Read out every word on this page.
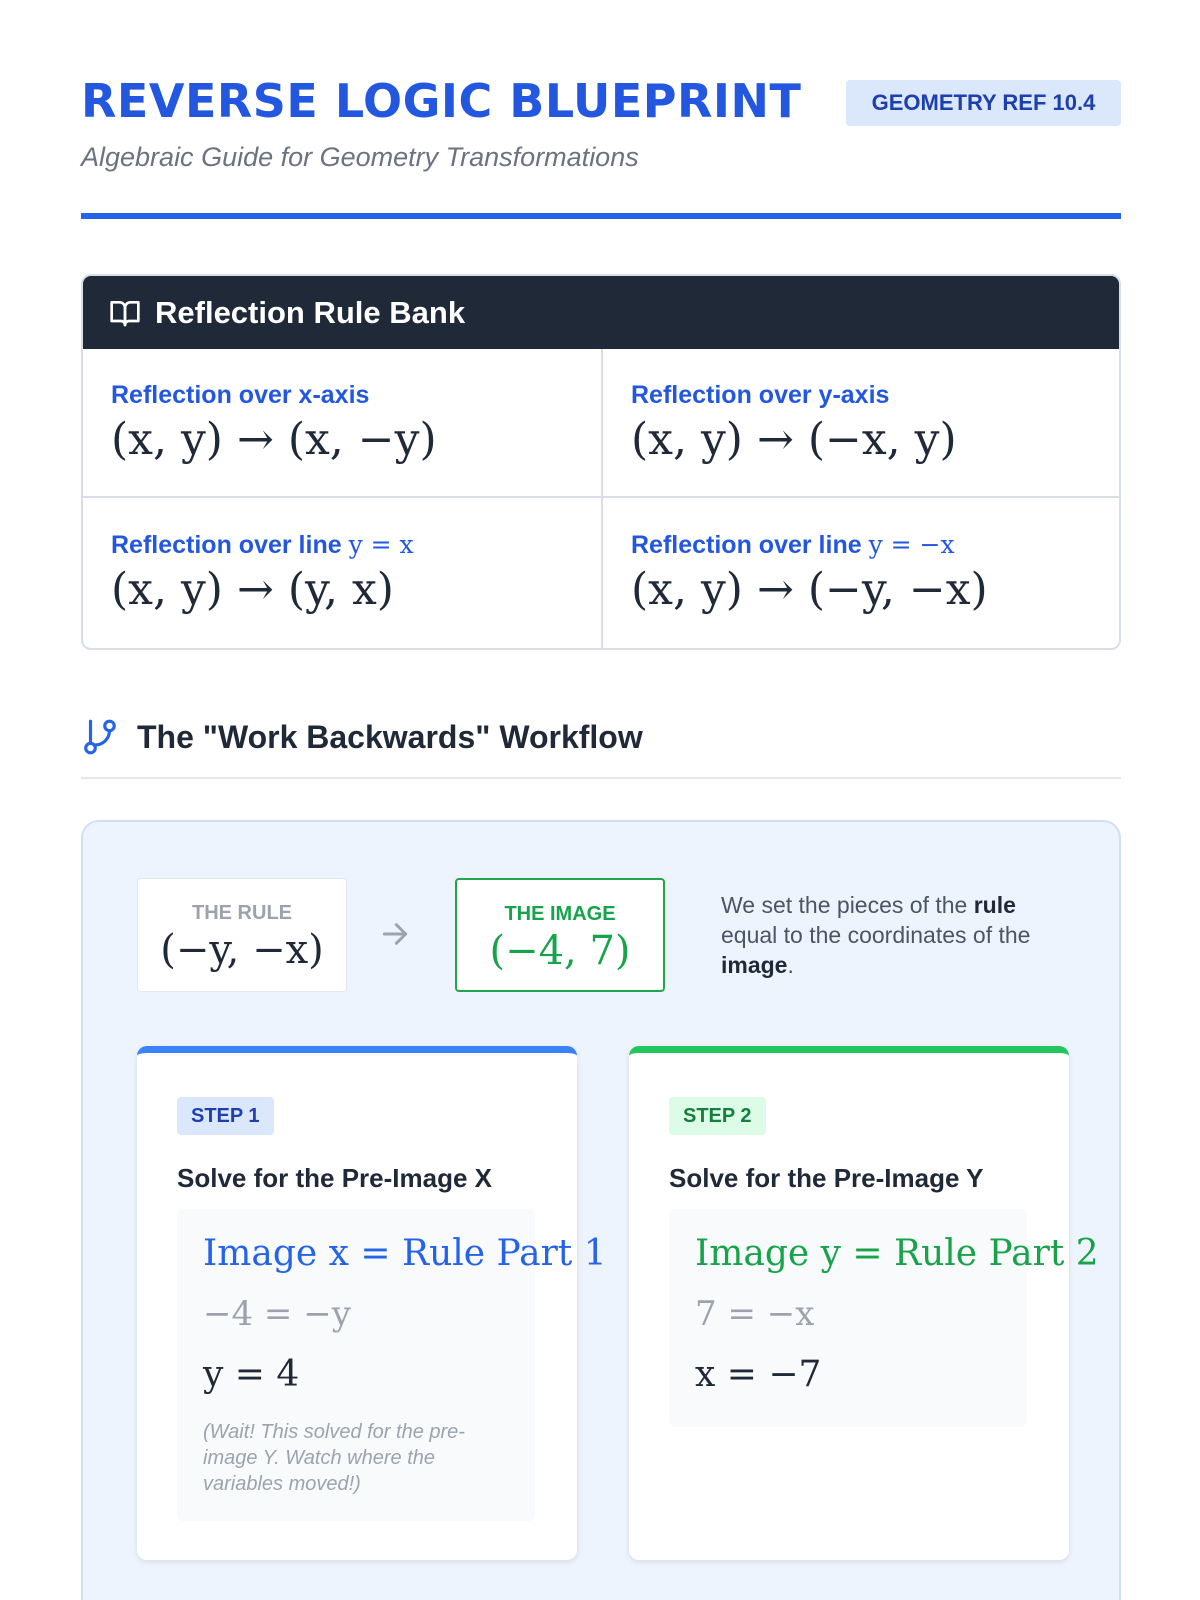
REVERSE LOGIC BLUEPRINT	GEOMETRY REF 10.4
Algebraic Guide for Geometry Transformations
Reflection Rule Bank
Reflection over x-axis
(x, y) → (x, −y)
Reflection over y-axis
(x, y) → (−x, y)
Reflection over line y = x
(x, y) → (y, x)
Reflection over line y = −x
(x, y) → (−y, −x)
The "Work Backwards" Workflow
THE RULE
(−y, −x)
THE IMAGE
(−4, 7)
We set the pieces of the rule equal to the coordinates of the image.
STEP 1
Solve for the Pre-Image X
Image x = Rule Part 1
−4 = −y
y = 4
(Wait! This solved for the pre-image Y. Watch where the variables moved!)
STEP 2
Solve for the Pre-Image Y
Image y = Rule Part 2
7 = −x
x = −7
